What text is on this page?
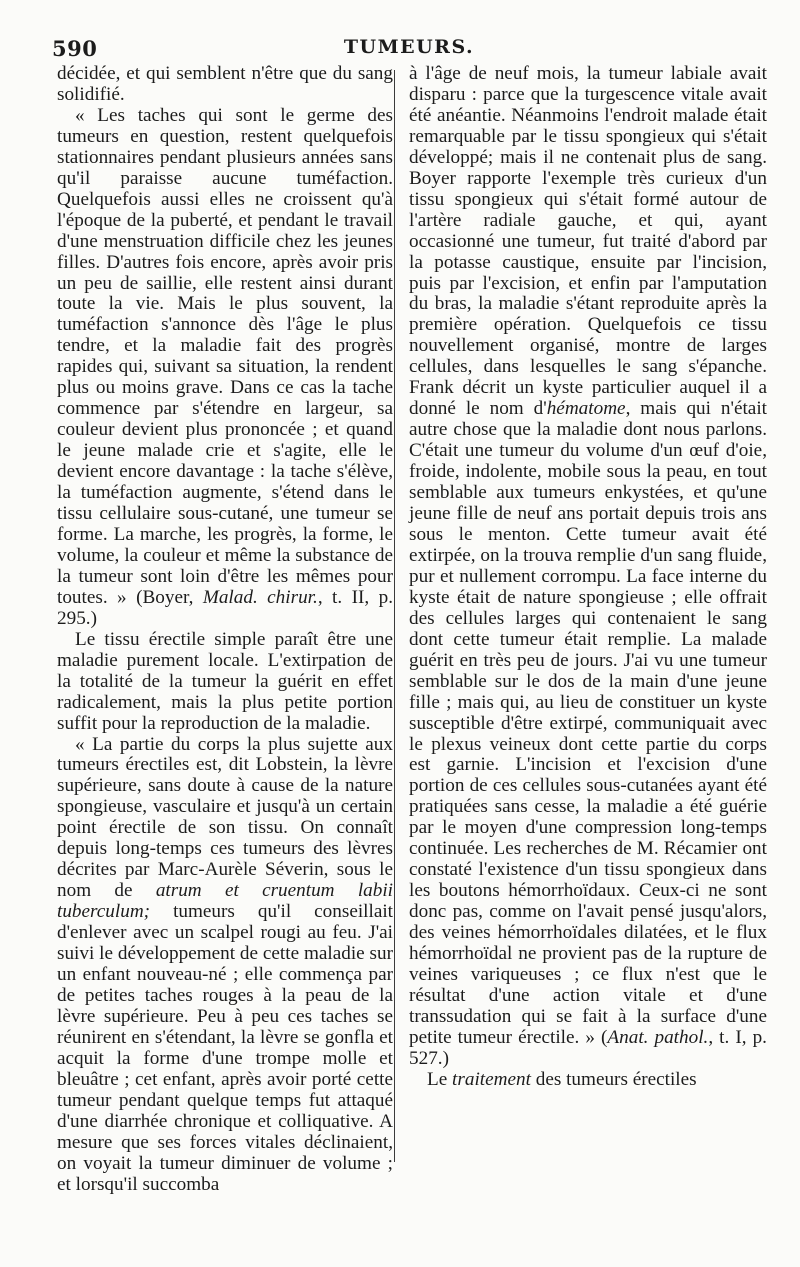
590	TUMEURS.

décidée, et qui semblent n'être que du sang solidifié.

« Les taches qui sont le germe des tumeurs en question, restent quelquefois stationnaires pendant plusieurs années sans qu'il paraisse aucune tuméfaction. Quelquefois aussi elles ne croissent qu'à l'époque de la puberté, et pendant le travail d'une menstruation difficile chez les jeunes filles. D'autres fois encore, après avoir pris un peu de saillie, elle restent ainsi durant toute la vie. Mais le plus souvent, la tuméfaction s'annonce dès l'âge le plus tendre, et la maladie fait des progrès rapides qui, suivant sa situation, la rendent plus ou moins grave. Dans ce cas la tache commence par s'étendre en largeur, sa couleur devient plus prononcée ; et quand le jeune malade crie et s'agite, elle le devient encore davantage : la tache s'élève, la tuméfaction augmente, s'étend dans le tissu cellulaire sous-cutané, une tumeur se forme. La marche, les progrès, la forme, le volume, la couleur et même la substance de la tumeur sont loin d'être les mêmes pour toutes. » (Boyer, Malad. chirur., t. II, p. 295.)

Le tissu érectile simple paraît être une maladie purement locale. L'extirpation de la totalité de la tumeur la guérit en effet radicalement, mais la plus petite portion suffit pour la reproduction de la maladie.

« La partie du corps la plus sujette aux tumeurs érectiles est, dit Lobstein, la lèvre supérieure, sans doute à cause de la nature spongieuse, vasculaire et jusqu'à un certain point érectile de son tissu. On connaît depuis long-temps ces tumeurs des lèvres décrites par Marc-Aurèle Séverin, sous le nom de atrum et cruentum labii tuberculum; tumeurs qu'il conseillait d'enlever avec un scalpel rougi au feu. J'ai suivi le développement de cette maladie sur un enfant nouveau-né ; elle commença par de petites taches rouges à la peau de la lèvre supérieure. Peu à peu ces taches se réunirent en s'étendant, la lèvre se gonfla et acquit la forme d'une trompe molle et bleuâtre ; cet enfant, après avoir porté cette tumeur pendant quelque temps fut attaqué d'une diarrhée chronique et colliquative. A mesure que ses forces vitales déclinaient, on voyait la tumeur diminuer de volume ; et lorsqu'il succomba

à l'âge de neuf mois, la tumeur labiale avait disparu : parce que la turgescence vitale avait été anéantie. Néanmoins l'endroit malade était remarquable par le tissu spongieux qui s'était développé; mais il ne contenait plus de sang. Boyer rapporte l'exemple très curieux d'un tissu spongieux qui s'était formé autour de l'artère radiale gauche, et qui, ayant occasionné une tumeur, fut traité d'abord par la potasse caustique, ensuite par l'incision, puis par l'excision, et enfin par l'amputation du bras, la maladie s'étant reproduite après la première opération. Quelquefois ce tissu nouvellement organisé, montre de larges cellules, dans lesquelles le sang s'épanche. Frank décrit un kyste particulier auquel il a donné le nom d'hématome, mais qui n'était autre chose que la maladie dont nous parlons. C'était une tumeur du volume d'un œuf d'oie, froide, indolente, mobile sous la peau, en tout semblable aux tumeurs enkystées, et qu'une jeune fille de neuf ans portait depuis trois ans sous le menton. Cette tumeur avait été extirpée, on la trouva remplie d'un sang fluide, pur et nullement corrompu. La face interne du kyste était de nature spongieuse ; elle offrait des cellules larges qui contenaient le sang dont cette tumeur était remplie. La malade guérit en très peu de jours. J'ai vu une tumeur semblable sur le dos de la main d'une jeune fille ; mais qui, au lieu de constituer un kyste susceptible d'être extirpé, communiquait avec le plexus veineux dont cette partie du corps est garnie. L'incision et l'excision d'une portion de ces cellules sous-cutanées ayant été pratiquées sans cesse, la maladie a été guérie par le moyen d'une compression long-temps continuée. Les recherches de M. Récamier ont constaté l'existence d'un tissu spongieux dans les boutons hémorrhoïdaux. Ceux-ci ne sont donc pas, comme on l'avait pensé jusqu'alors, des veines hémorrhoïdales dilatées, et le flux hémorrhoïdal ne provient pas de la rupture de veines variqueuses ; ce flux n'est que le résultat d'une action vitale et d'une transsudation qui se fait à la surface d'une petite tumeur érectile. » (Anat. pathol., t. I, p. 527.)

Le traitement des tumeurs érectiles
